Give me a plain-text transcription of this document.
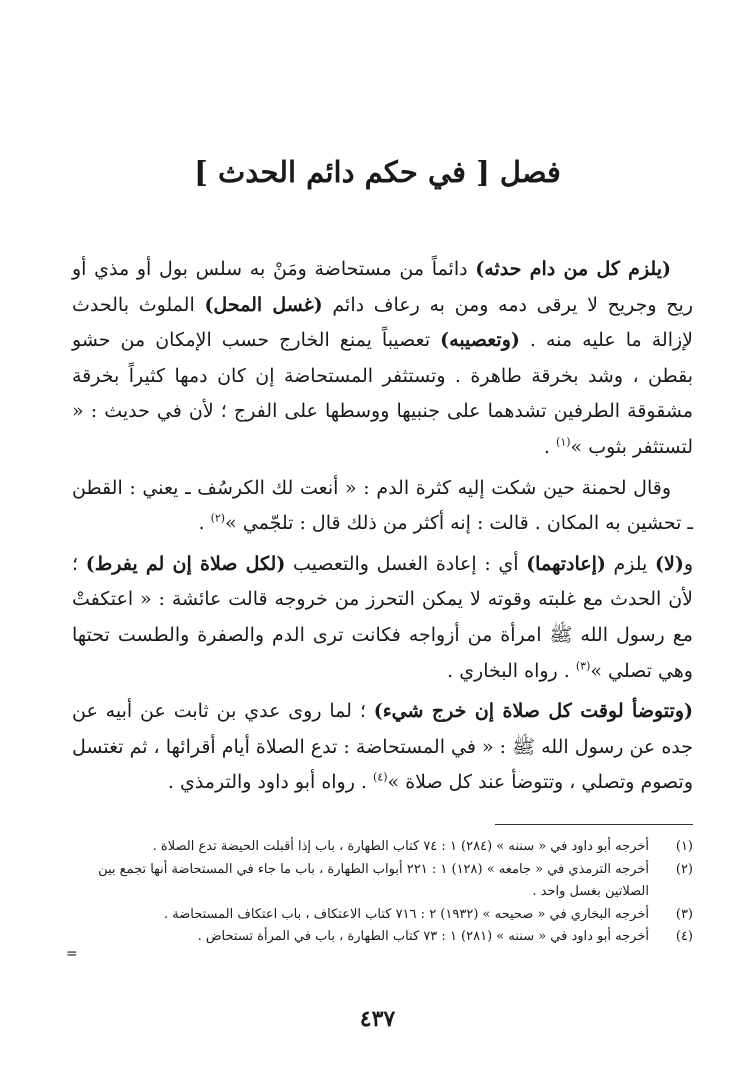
فصل [ في حكم دائم الحدث ]

(يلزم كل من دام حدثه) دائماً من مستحاضة ومَنْ به سلس بول أو مذي أو ريح وجريح لا يرقى دمه ومن به رعاف دائم (غسل المحل) الملوث بالحدث لإزالة ما عليه منه . (وتعصيبه) تعصيباً يمنع الخارج حسب الإمكان من حشو بقطن ، وشد بخرقة طاهرة . وتستثفر المستحاضة إن كان دمها كثيراً بخرقة مشقوقة الطرفين تشدهما على جنبيها ووسطها على الفرج ؛ لأن في حديث : « لتستثفر بثوب »$^{(١)}$ .

وقال لحمنة حين شكت إليه كثرة الدم : « أنعت لك الكرسُف ـ يعني : القطن ـ تحشين به المكان . قالت : إنه أكثر من ذلك قال : تلجّمي »$^{(٢)}$ .

و(لا) يلزم (إعادتهما) أي : إعادة الغسل والتعصيب (لكل صلاة إن لم يفرط) ؛ لأن الحدث مع غلبته وقوته لا يمكن التحرز من خروجه قالت عائشة : « اعتكفتْ مع رسول الله ﷺ امرأة من أزواجه فكانت ترى الدم والصفرة والطست تحتها وهي تصلي »$^{(٣)}$ . رواه البخاري .

(وتتوضأ لوقت كل صلاة إن خرج شيء) ؛ لما روى عدي بن ثابت عن أبيه عن جده عن رسول الله ﷺ : « في المستحاضة : تدع الصلاة أيام أقرائها ، ثم تغتسل وتصوم وتصلي ، وتتوضأ عند كل صلاة »$^{(٤)}$ . رواه أبو داود والترمذي .

(١)
أخرجه أبو داود في « سننه » (٢٨٤) ١ : ٧٤ كتاب الطهارة ، باب إذا أقبلت الحيضة تدع الصلاة .
(٢)
أخرجه الترمذي في « جامعه » (١٢٨) ١ : ٢٢١ أبواب الطهارة ، باب ما جاء في المستحاضة أنها تجمع بين الصلاتين بغسل واحد .
(٣)
أخرجه البخاري في « صحيحه » (١٩٣٢) ٢ : ٧١٦ كتاب الاعتكاف ، باب اعتكاف المستحاضة .
(٤)
أخرجه أبو داود في « سننه » (٢٨١) ١ : ٧٣ كتاب الطهارة ، باب في المرأة تستحاض .
=
٤٣٧
